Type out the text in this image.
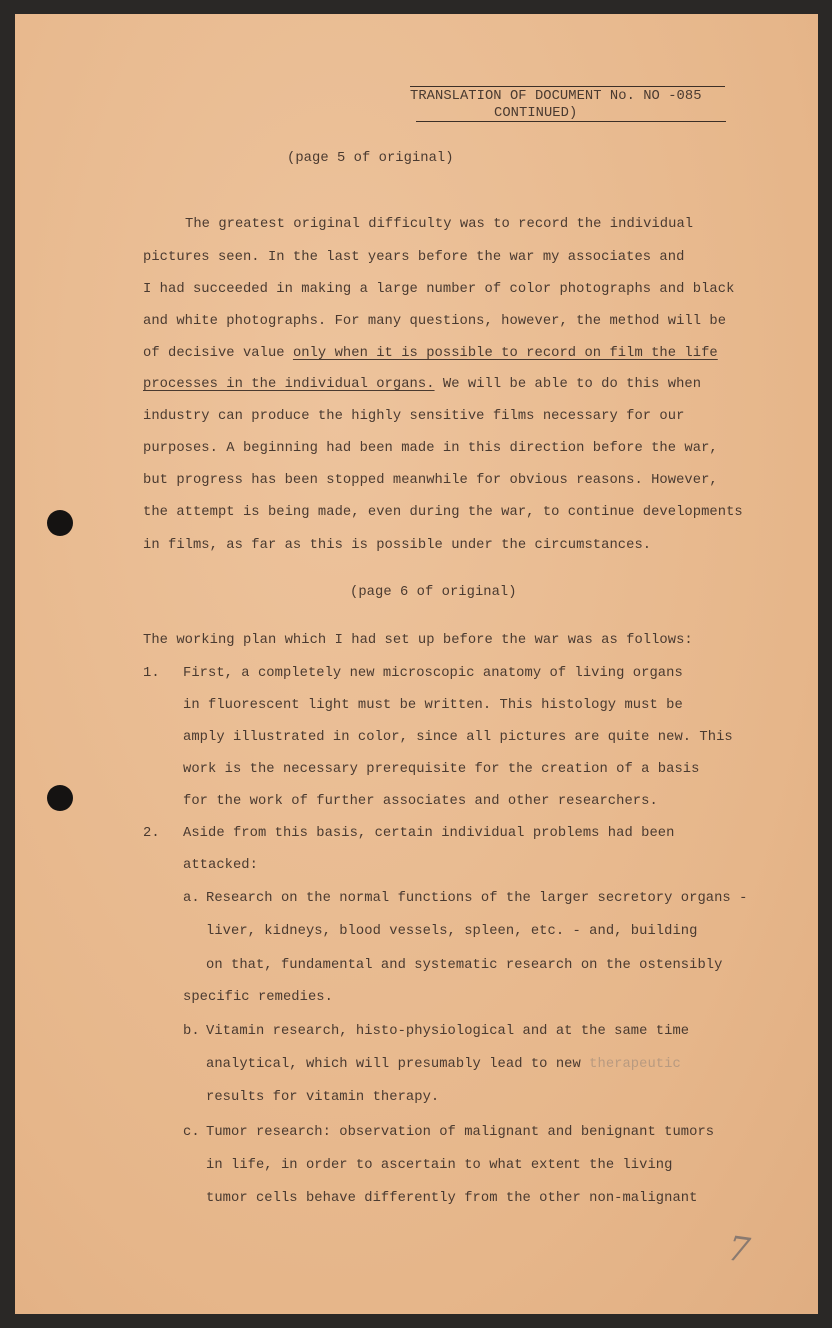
TRANSLATION OF DOCUMENT No. NO -085
CONTINUED)
(page 5 of original)
The greatest original difficulty was to record the individual
pictures seen. In the last years before the war my associates and
I had succeeded in making a large number of color photographs and black
and white photographs. For many questions, however, the method will be
of decisive value only when it is possible to record on film the life
processes in the individual organs. We will be able to do this when
industry can produce the highly sensitive films necessary for our
purposes. A beginning had been made in this direction before the war,
but progress has been stopped meanwhile for obvious reasons. However,
the attempt is being made, even during the war, to continue developments
in films, as far as this is possible under the circumstances.
(page 6 of original)
The working plan which I had set up before the war was as follows:
1. First, a completely new microscopic anatomy of living organs
in fluorescent light must be written. This histology must be
amply illustrated in color, since all pictures are quite new. This
work is the necessary prerequisite for the creation of a basis
for the work of further associates and other researchers.
2. Aside from this basis, certain individual problems had been
attacked:
a. Research on the normal functions of the larger secretory organs -
liver, kidneys, blood vessels, spleen, etc. - and, building
on that, fundamental and systematic research on the ostensibly
specific remedies.
b. Vitamin research, histo-physiological and at the same time
analytical, which will presumably lead to new therapeutic
results for vitamin therapy.
c. Tumor research: observation of malignant and benignant tumors
in life, in order to ascertain to what extent the living
tumor cells behave differently from the other non-malignant
7
